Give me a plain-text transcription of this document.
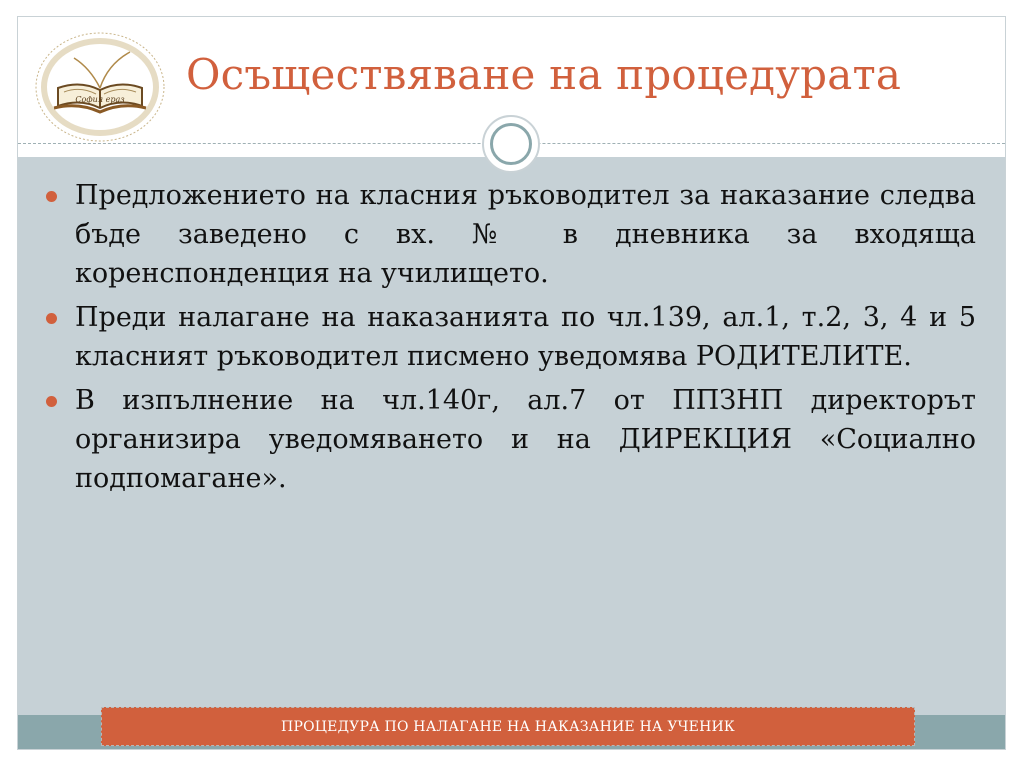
София ераз
Осъществяване на процедурата
Предложението на класния ръководител за наказание следва бъде заведено с вх. № в дневника за входяща коренспонденция на училището.
Преди налагане на наказанията по чл.139, ал.1, т.2, 3, 4 и 5 класният ръководител писмено уведомява РОДИТЕЛИТЕ.
В изпълнение на чл.140г, ал.7 от ППЗНП директорът организира уведомяването и на ДИРЕКЦИЯ «Социално подпомагане».
ПРОЦЕДУРА ПО НАЛАГАНЕ НА НАКАЗАНИЕ НА УЧЕНИК
